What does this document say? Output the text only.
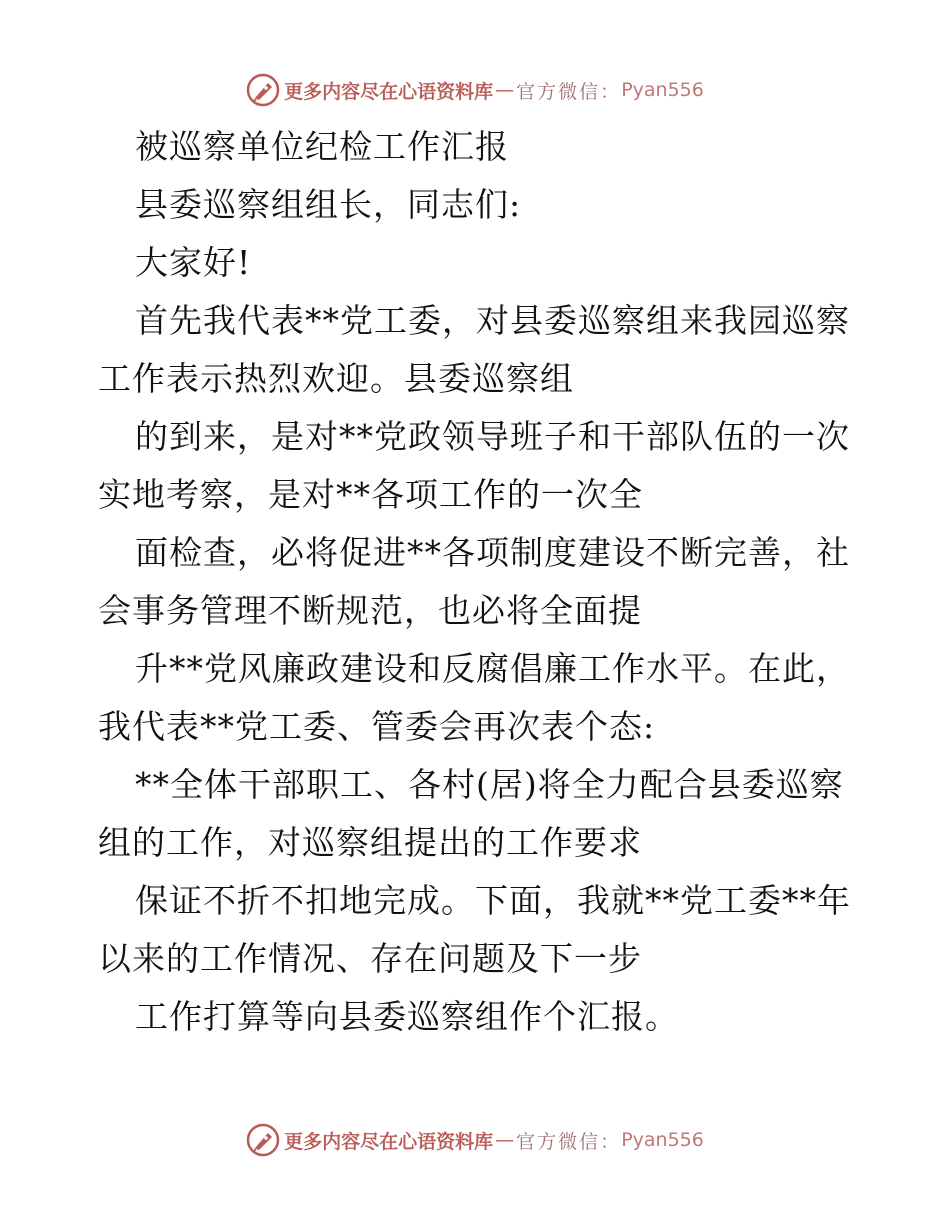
更多内容尽在心语资料库 — 官方微信： Pyan556
被巡察单位纪检工作汇报
县委巡察组组长，同志们:
大家好!
首先我代表**党工委，对县委巡察组来我园巡察
工作表示热烈欢迎。县委巡察组
的到来，是对**党政领导班子和干部队伍的一次
实地考察，是对**各项工作的一次全
面检查，必将促进**各项制度建设不断完善，社
会事务管理不断规范，也必将全面提
升**党风廉政建设和反腐倡廉工作水平。在此，
我代表**党工委、管委会再次表个态:
**全体干部职工、各村(居)将全力配合县委巡察
组的工作，对巡察组提出的工作要求
保证不折不扣地完成。下面，我就**党工委**年
以来的工作情况、存在问题及下一步
工作打算等向县委巡察组作个汇报。
更多内容尽在心语资料库 — 官方微信： Pyan556
